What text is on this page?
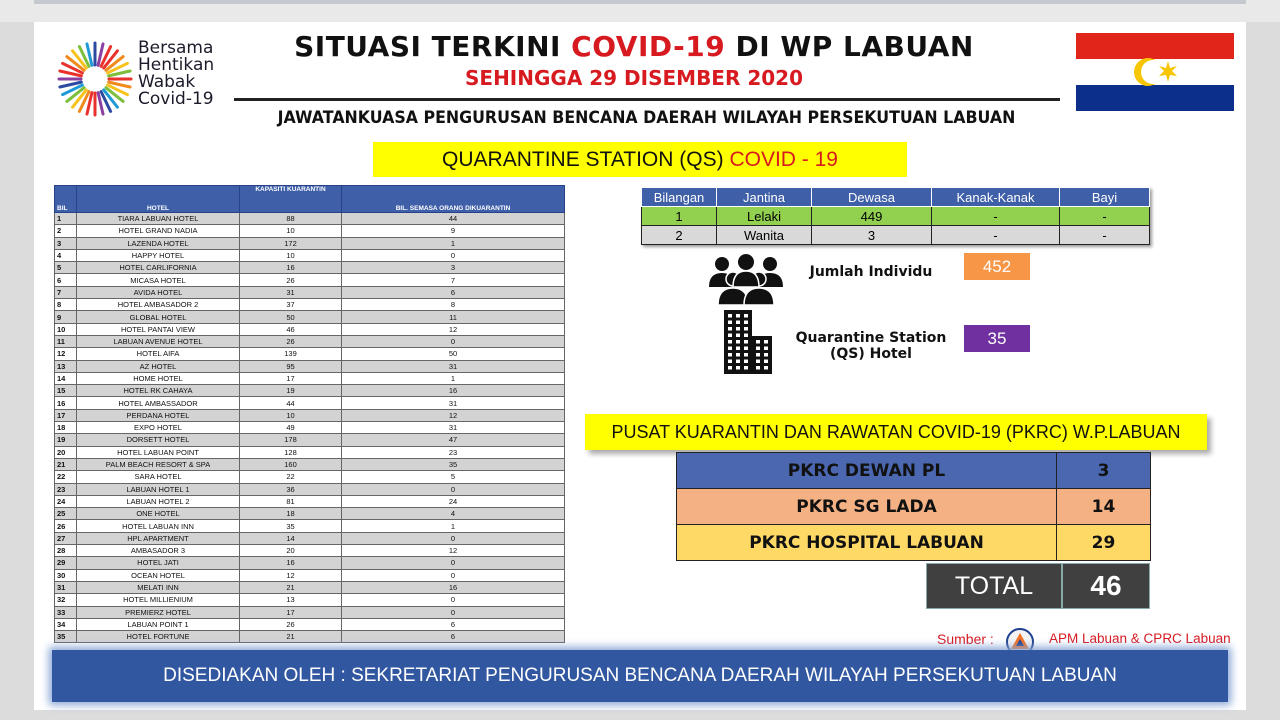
Bersama
Hentikan
Wabak
Covid-19
SITUASI TERKINI COVID-19 DI WP LABUAN
SEHINGGA 29 DISEMBER 2020
JAWATANKUASA PENGURUSAN BENCANA DAERAH WILAYAH PERSEKUTUAN LABUAN
QUARANTINE STATION (QS) COVID - 19
BIL	HOTEL	KAPASITI KUARANTIN	BIL. SEMASA ORANG DIKUARANTIN
1	TIARA LABUAN HOTEL	88	44
2	HOTEL GRAND NADIA	10	9
3	LAZENDA HOTEL	172	1
4	HAPPY HOTEL	10	0
5	HOTEL CARLIFORNIA	16	3
6	MICASA HOTEL	26	7
7	AVIDA HOTEL	31	6
8	HOTEL AMBASADOR 2	37	8
9	GLOBAL HOTEL	50	11
10	HOTEL PANTAI VIEW	46	12
11	LABUAN AVENUE HOTEL	26	0
12	HOTEL AIFA	139	50
13	AZ HOTEL	95	31
14	HOME HOTEL	17	1
15	HOTEL RK CAHAYA	19	16
16	HOTEL AMBASSADOR	44	31
17	PERDANA HOTEL	10	12
18	EXPO HOTEL	49	31
19	DORSETT HOTEL	178	47
20	HOTEL LABUAN POINT	128	23
21	PALM BEACH RESORT & SPA	160	35
22	SARA HOTEL	22	5
23	LABUAN HOTEL 1	36	0
24	LABUAN HOTEL 2	81	24
25	ONE HOTEL	18	4
26	HOTEL LABUAN INN	35	1
27	HPL APARTMENT	14	0
28	AMBASADOR 3	20	12
29	HOTEL JATI	16	0
30	OCEAN HOTEL	12	0
31	MELATI INN	21	16
32	HOTEL MILLIENIUM	13	0
33	PREMIERZ HOTEL	17	0
34	LABUAN POINT 1	26	6
35	HOTEL FORTUNE	21	6
Bilangan	Jantina	Dewasa	Kanak-Kanak	Bayi
1	Lelaki	449	-	-
2	Wanita	3	-	-
Jumlah Individu	452
Quarantine Station
(QS) Hotel
35
PUSAT KUARANTIN DAN RAWATAN COVID-19 (PKRC) W.P.LABUAN
PKRC DEWAN PL	3
PKRC SG LADA	14
PKRC HOSPITAL LABUAN	29
TOTAL	46
Sumber :	APM Labuan & CPRC Labuan
DISEDIAKAN OLEH : SEKRETARIAT PENGURUSAN BENCANA DAERAH WILAYAH PERSEKUTUAN LABUAN
